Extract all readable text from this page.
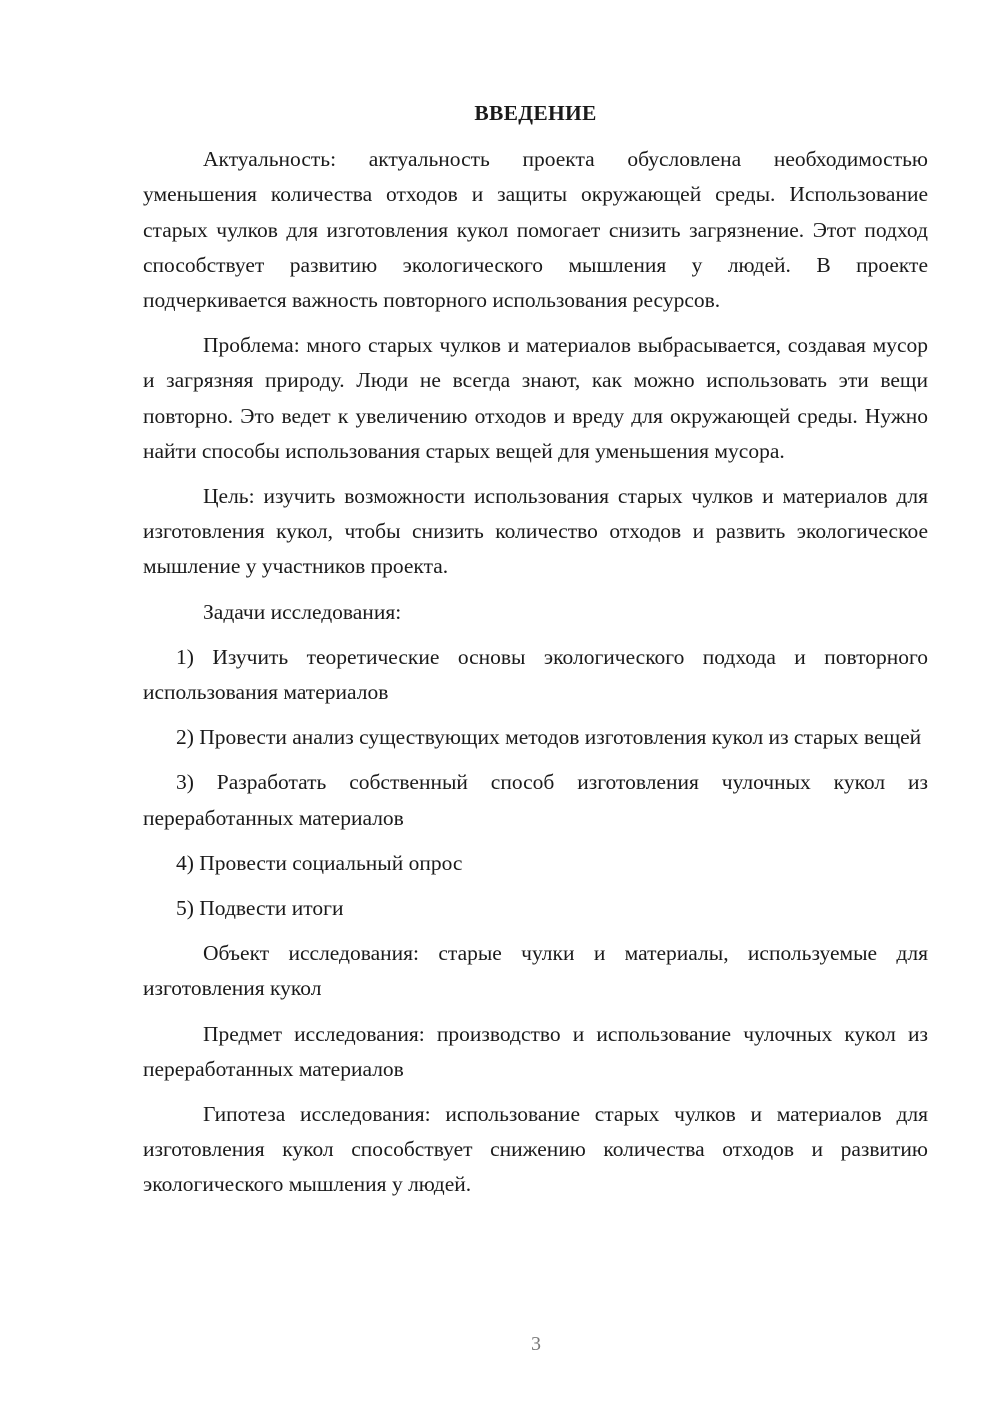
ВВЕДЕНИЕ

Актуальность: актуальность проекта обусловлена необходимостью уменьшения количества отходов и защиты окружающей среды. Использование старых чулков для изготовления кукол помогает снизить загрязнение. Этот подход способствует развитию экологического мышления у людей. В проекте подчеркивается важность повторного использования ресурсов.

Проблема: много старых чулков и материалов выбрасывается, создавая мусор и загрязняя природу. Люди не всегда знают, как можно использовать эти вещи повторно. Это ведет к увеличению отходов и вреду для окружающей среды. Нужно найти способы использования старых вещей для уменьшения мусора.

Цель: изучить возможности использования старых чулков и материалов для изготовления кукол, чтобы снизить количество отходов и развить экологическое мышление у участников проекта.

Задачи исследования:

1) Изучить теоретические основы экологического подхода и повторного использования материалов

2) Провести анализ существующих методов изготовления кукол из старых вещей

3) Разработать собственный способ изготовления чулочных кукол из переработанных материалов

4) Провести социальный опрос

5) Подвести итоги

Объект исследования: старые чулки и материалы, используемые для изготовления кукол

Предмет исследования: производство и использование чулочных кукол из переработанных материалов

Гипотеза исследования: использование старых чулков и материалов для изготовления кукол способствует снижению количества отходов и развитию экологического мышления у людей.

3
